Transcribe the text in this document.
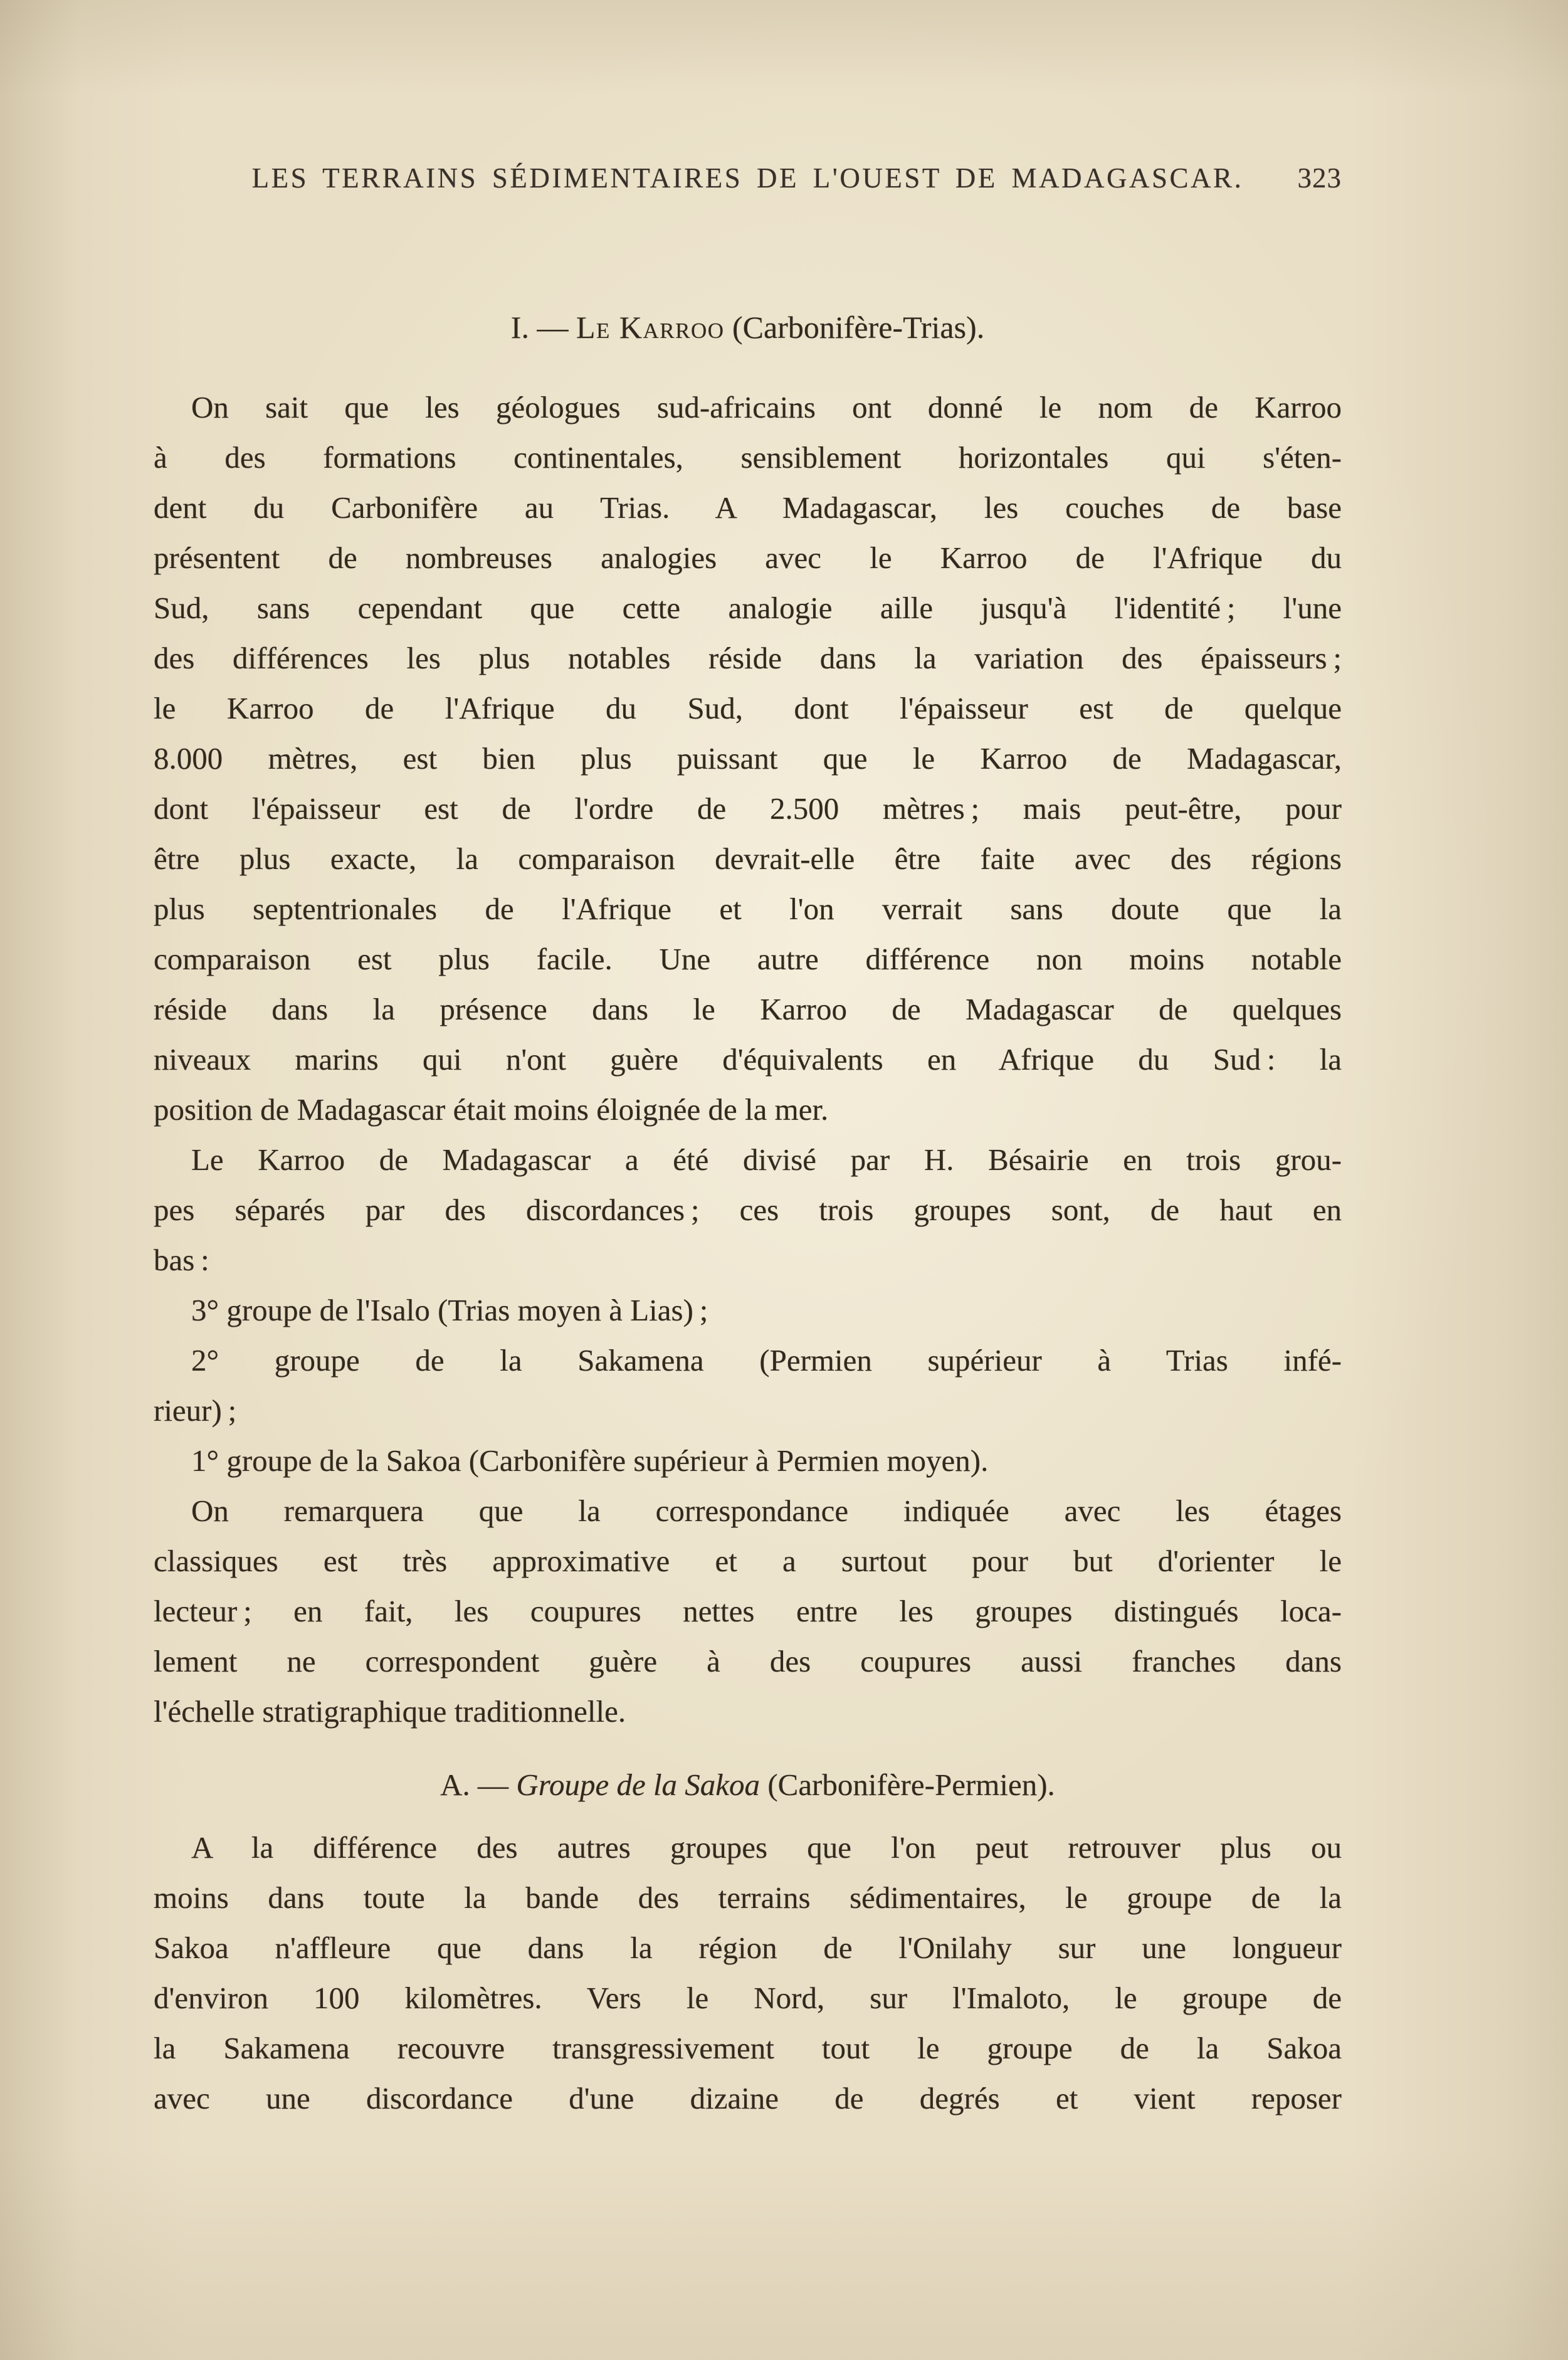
LES TERRAINS SÉDIMENTAIRES DE L'OUEST DE MADAGASCAR. 323
I. — Le Karroo (Carbonifère-Trias).
On sait que les géologues sud-africains ont donné le nom de Karroo
à des formations continentales, sensiblement horizontales qui s'éten-
dent du Carbonifère au Trias. A Madagascar, les couches de base
présentent de nombreuses analogies avec le Karroo de l'Afrique du
Sud, sans cependant que cette analogie aille jusqu'à l'identité ; l'une
des différences les plus notables réside dans la variation des épaisseurs ;
le Karroo de l'Afrique du Sud, dont l'épaisseur est de quelque
8.000 mètres, est bien plus puissant que le Karroo de Madagascar,
dont l'épaisseur est de l'ordre de 2.500 mètres ; mais peut-être, pour
être plus exacte, la comparaison devrait-elle être faite avec des régions
plus septentrionales de l'Afrique et l'on verrait sans doute que la
comparaison est plus facile. Une autre différence non moins notable
réside dans la présence dans le Karroo de Madagascar de quelques
niveaux marins qui n'ont guère d'équivalents en Afrique du Sud : la
position de Madagascar était moins éloignée de la mer.
Le Karroo de Madagascar a été divisé par H. Bésairie en trois grou-
pes séparés par des discordances ; ces trois groupes sont, de haut en
bas :
3° groupe de l'Isalo (Trias moyen à Lias) ;
2° groupe de la Sakamena (Permien supérieur à Trias infé-
rieur) ;
1° groupe de la Sakoa (Carbonifère supérieur à Permien moyen).
On remarquera que la correspondance indiquée avec les étages
classiques est très approximative et a surtout pour but d'orienter le
lecteur ; en fait, les coupures nettes entre les groupes distingués loca-
lement ne correspondent guère à des coupures aussi franches dans
l'échelle stratigraphique traditionnelle.
A. — Groupe de la Sakoa (Carbonifère-Permien).
A la différence des autres groupes que l'on peut retrouver plus ou
moins dans toute la bande des terrains sédimentaires, le groupe de la
Sakoa n'affleure que dans la région de l'Onilahy sur une longueur
d'environ 100 kilomètres. Vers le Nord, sur l'Imaloto, le groupe de
la Sakamena recouvre transgressivement tout le groupe de la Sakoa
avec une discordance d'une dizaine de degrés et vient reposer
